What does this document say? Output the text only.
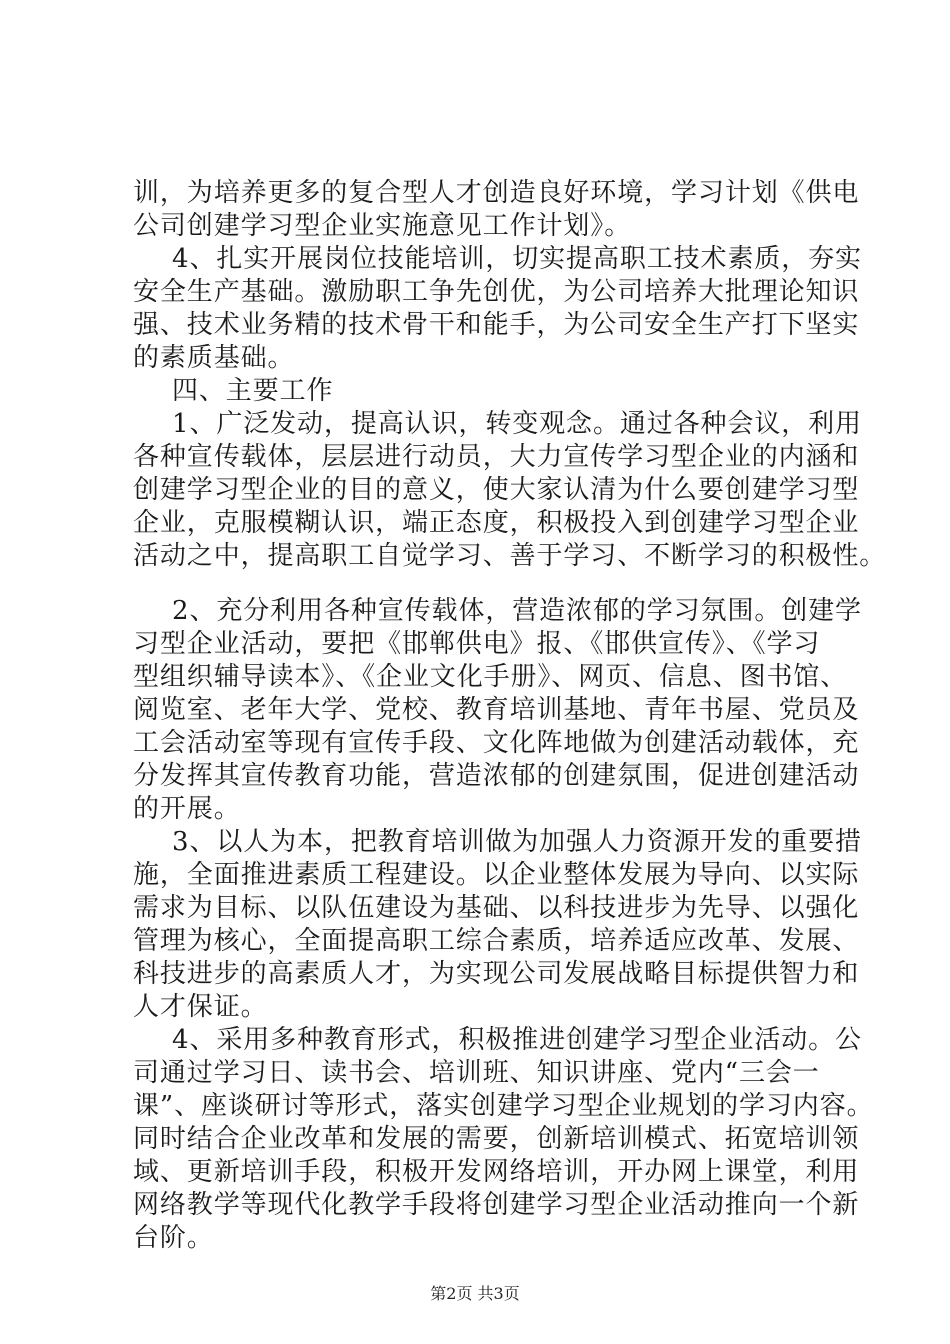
训，为培养更多的复合型人才创造良好环境，学习计划《供电
公司创建学习型企业实施意见工作计划》。
4、扎实开展岗位技能培训，切实提高职工技术素质，夯实
安全生产基础。激励职工争先创优，为公司培养大批理论知识
强、技术业务精的技术骨干和能手，为公司安全生产打下坚实
的素质基础。
四、主要工作
1、广泛发动，提高认识，转变观念。通过各种会议，利用
各种宣传载体，层层进行动员，大力宣传学习型企业的内涵和
创建学习型企业的目的意义，使大家认清为什么要创建学习型
企业，克服模糊认识，端正态度，积极投入到创建学习型企业
活动之中，提高职工自觉学习、善于学习、不断学习的积极性。
2、充分利用各种宣传载体，营造浓郁的学习氛围。创建学
习型企业活动，要把《邯郸供电》报、《邯供宣传》、《学习
型组织辅导读本》、《企业文化手册》、网页、信息、图书馆、
阅览室、老年大学、党校、教育培训基地、青年书屋、党员及
工会活动室等现有宣传手段、文化阵地做为创建活动载体，充
分发挥其宣传教育功能，营造浓郁的创建氛围，促进创建活动
的开展。
3、以人为本，把教育培训做为加强人力资源开发的重要措
施，全面推进素质工程建设。以企业整体发展为导向、以实际
需求为目标、以队伍建设为基础、以科技进步为先导、以强化
管理为核心，全面提高职工综合素质，培养适应改革、发展、
科技进步的高素质人才，为实现公司发展战略目标提供智力和
人才保证。
4、采用多种教育形式，积极推进创建学习型企业活动。公
司通过学习日、读书会、培训班、知识讲座、党内“三会一
课”、座谈研讨等形式，落实创建学习型企业规划的学习内容。
同时结合企业改革和发展的需要，创新培训模式、拓宽培训领
域、更新培训手段，积极开发网络培训，开办网上课堂，利用
网络教学等现代化教学手段将创建学习型企业活动推向一个新
台阶。
第2页 共3页
